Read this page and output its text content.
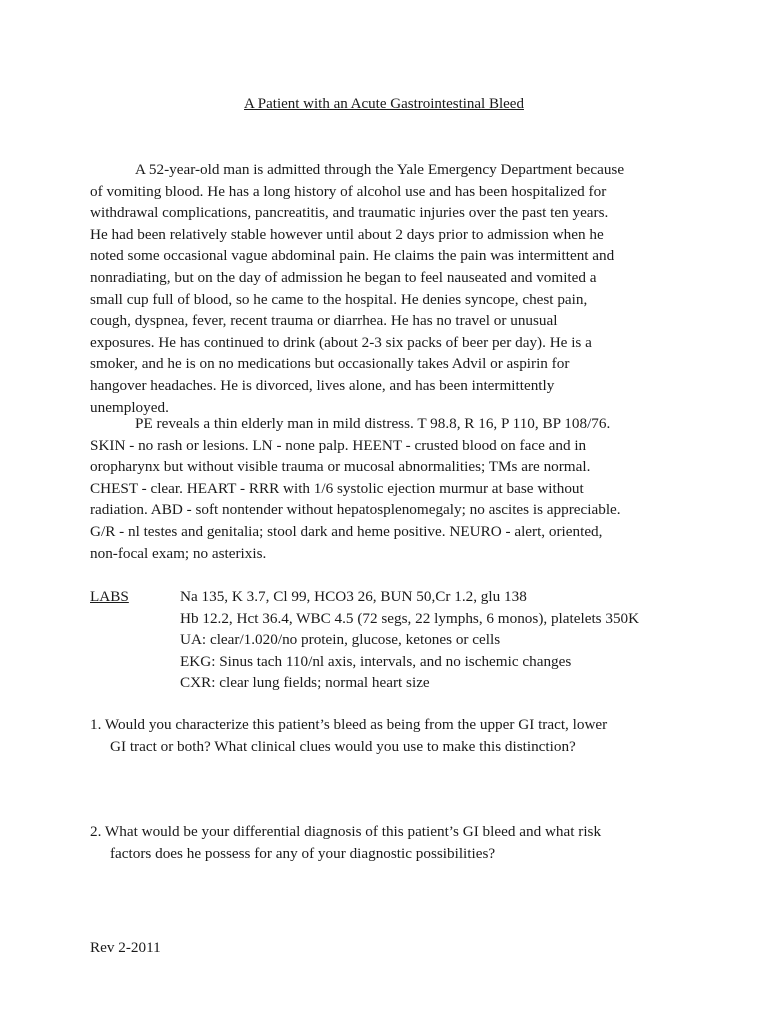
A Patient with an Acute Gastrointestinal Bleed
A 52-year-old man is admitted through the Yale Emergency Department because
of vomiting blood. He has a long history of alcohol use and has been hospitalized for
withdrawal complications, pancreatitis, and traumatic injuries over the past ten years.
He had been relatively stable however until about 2 days prior to admission when he
noted some occasional vague abdominal pain. He claims the pain was intermittent and
nonradiating, but on the day of admission he began to feel nauseated and vomited a
small cup full of blood, so he came to the hospital. He denies syncope, chest pain,
cough, dyspnea, fever, recent trauma or diarrhea. He has no travel or unusual
exposures. He has continued to drink (about 2-3 six packs of beer per day). He is a
smoker, and he is on no medications but occasionally takes Advil or aspirin for
hangover headaches. He is divorced, lives alone, and has been intermittently
unemployed.
PE reveals a thin elderly man in mild distress. T 98.8, R 16, P 110, BP 108/76.
SKIN - no rash or lesions. LN - none palp. HEENT - crusted blood on face and in
oropharynx but without visible trauma or mucosal abnormalities; TMs are normal.
CHEST - clear. HEART - RRR with 1/6 systolic ejection murmur at base without
radiation. ABD - soft nontender without hepatosplenomegaly; no ascites is appreciable.
G/R - nl testes and genitalia; stool dark and heme positive. NEURO - alert, oriented,
non-focal exam; no asterixis.
LABS	Na 135, K 3.7, Cl 99, HCO3 26, BUN 50,Cr 1.2, glu 138
Hb 12.2, Hct 36.4, WBC 4.5 (72 segs, 22 lymphs, 6 monos), platelets 350K
UA: clear/1.020/no protein, glucose, ketones or cells
EKG: Sinus tach 110/nl axis, intervals, and no ischemic changes
CXR: clear lung fields; normal heart size
1. Would you characterize this patient’s bleed as being from the upper GI tract, lower
GI tract or both? What clinical clues would you use to make this distinction?
2. What would be your differential diagnosis of this patient’s GI bleed and what risk
factors does he possess for any of your diagnostic possibilities?
Rev 2-2011
